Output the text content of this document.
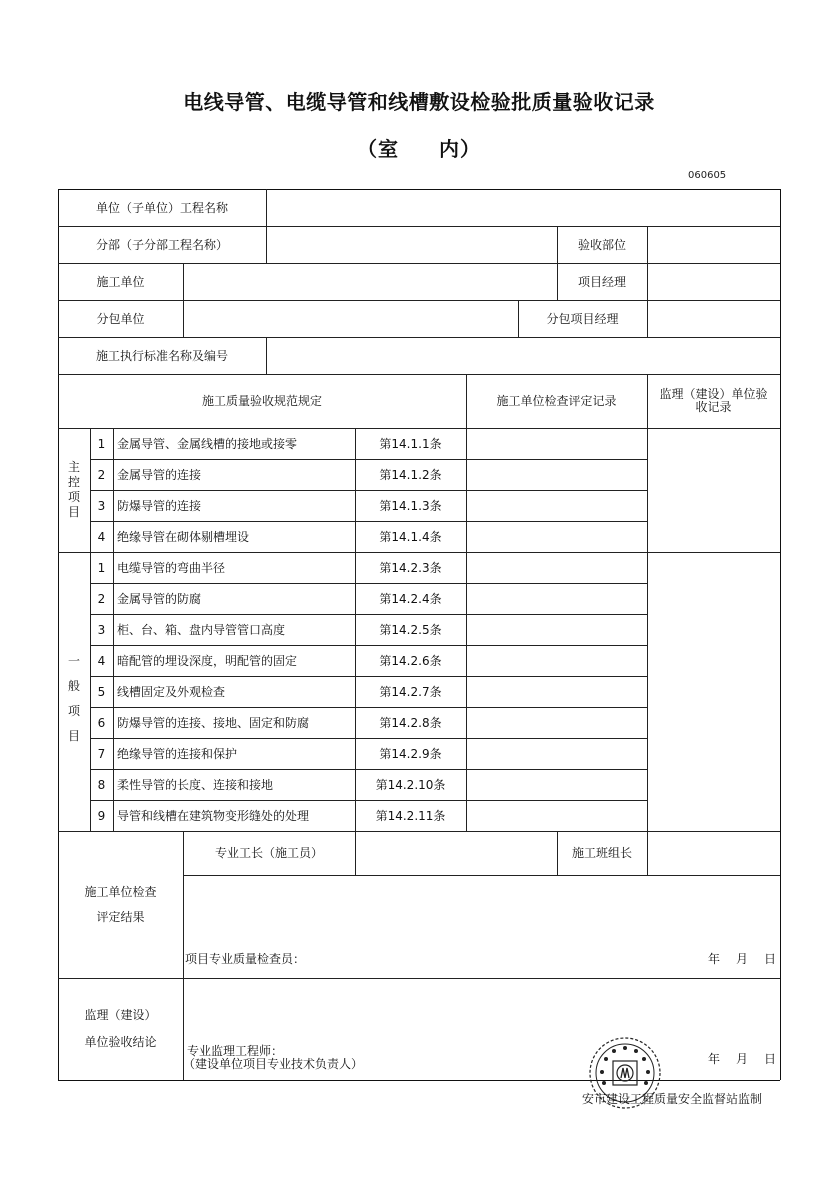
电线导管、电缆导管和线槽敷设检验批质量验收记录
（室 内）
060605
单位（子单位）工程名称
分部（子分部工程名称）	验收部位
施工单位	项目经理
分包单位	分包项目经理
施工执行标准名称及编号
施工质量验收规范规定	施工单位检查评定记录	监理（建设）单位验
收记录
主
控
项
目
1 金属导管、金属线槽的接地或接零	第14.1.1条
2 金属导管的连接	第14.1.2条
3 防爆导管的连接	第14.1.3条
4 绝缘导管在砌体剔槽埋设	第14.1.4条
一
般
项
目
1 电缆导管的弯曲半径	第14.2.3条
2 金属导管的防腐	第14.2.4条
3 柜、台、箱、盘内导管管口高度	第14.2.5条
4 暗配管的埋设深度，明配管的固定	第14.2.6条
5 线槽固定及外观检查	第14.2.7条
6 防爆导管的连接、接地、固定和防腐	第14.2.8条
7 绝缘导管的连接和保护	第14.2.9条
8 柔性导管的长度、连接和接地	第14.2.10条
9 导管和线槽在建筑物变形缝处的处理	第14.2.11条
施工单位检查
评定结果
专业工长（施工员）	施工班组长
项目专业质量检查员：	年　月　日
监理（建设）
单位验收结论
专业监理工程师：
（建设单位项目专业技术负责人）	年　月　日
安市建设工程质量安全监督站监制
